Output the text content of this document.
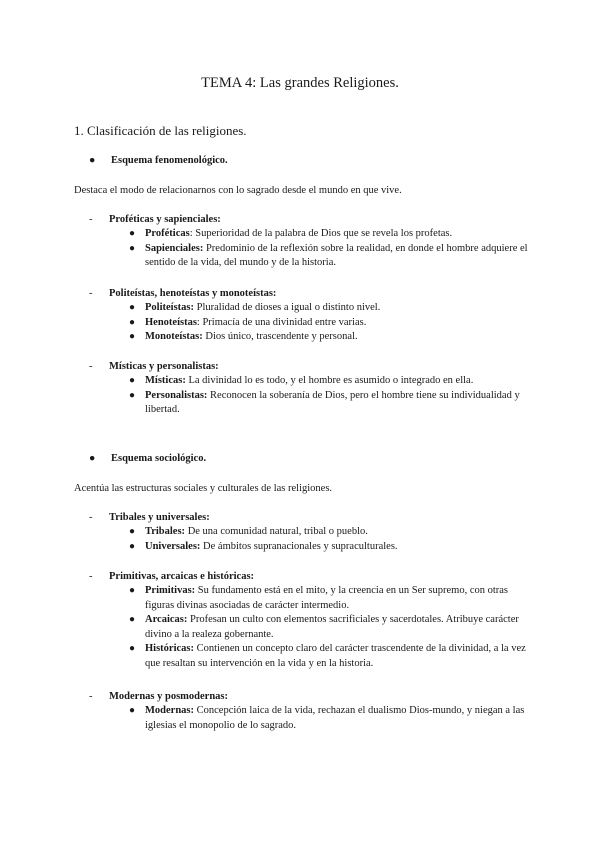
TEMA 4: Las grandes Religiones.
1. Clasificación de las religiones.
● Esquema fenomenológico.
Destaca el modo de relacionarnos con lo sagrado desde el mundo en que vive.
- Proféticas y sapienciales:

● Proféticas: Superioridad de la palabra de Dios que se revela los profetas.
● Sapienciales: Predominio de la reflexión sobre la realidad, en donde el hombre adquiere el sentido de la vida, del mundo y de la historia.
- Politeístas, henoteístas y monoteístas:

● Politeístas: Pluralidad de dioses a igual o distinto nivel.
● Henoteístas: Primacía de una divinidad entre varias.
● Monoteístas: Dios único, trascendente y personal.
- Místicas y personalistas:

● Místicas: La divinidad lo es todo, y el hombre es asumido o integrado en ella.
● Personalistas: Reconocen la soberanía de Dios, pero el hombre tiene su individualidad y libertad.
● Esquema sociológico.
Acentúa las estructuras sociales y culturales de las religiones.
- Tribales y universales:

● Tribales: De una comunidad natural, tribal o pueblo.
● Universales: De ámbitos supranacionales y supraculturales.
- Primitivas, arcaicas e históricas:

● Primitivas: Su fundamento está en el mito, y la creencia en un Ser supremo, con otras figuras divinas asociadas de carácter intermedio.
● Arcaicas: Profesan un culto con elementos sacrificiales y sacerdotales. Atribuye carácter divino a la realeza gobernante.
● Históricas: Contienen un concepto claro del carácter trascendente de la divinidad, a la vez que resaltan su intervención en la vida y en la historia.
- Modernas y posmodernas:

● Modernas: Concepción laica de la vida, rechazan el dualismo Dios-mundo, y niegan a las iglesias el monopolio de lo sagrado.
